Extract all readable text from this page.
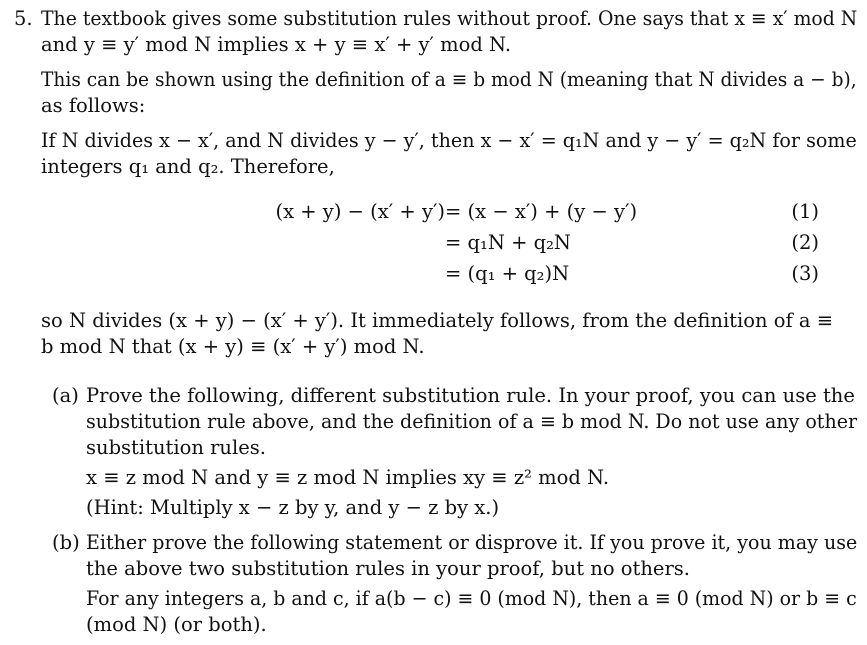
5. The textbook gives some substitution rules without proof. One says that x ≡ x′ mod N
and y ≡ y′ mod N implies x + y ≡ x′ + y′ mod N.
This can be shown using the definition of a ≡ b mod N (meaning that N divides a − b),
as follows:
If N divides x − x′, and N divides y − y′, then x − x′ = q₁N and y − y′ = q₂N for some
integers q₁ and q₂. Therefore,
(x + y) − (x′ + y′) = (x − x′) + (y − y′)	(1)
= q₁N + q₂N	(2)
= (q₁ + q₂)N	(3)
so N divides (x + y) − (x′ + y′). It immediately follows, from the definition of a ≡
b mod N that (x + y) ≡ (x′ + y′) mod N.
(a) Prove the following, different substitution rule. In your proof, you can use the
substitution rule above, and the definition of a ≡ b mod N. Do not use any other
substitution rules.
x ≡ z mod N and y ≡ z mod N implies xy ≡ z² mod N.
(Hint: Multiply x − z by y, and y − z by x.)
(b) Either prove the following statement or disprove it. If you prove it, you may use
the above two substitution rules in your proof, but no others.
For any integers a, b and c, if a(b − c) ≡ 0 (mod N), then a ≡ 0 (mod N) or b ≡ c
(mod N) (or both).
